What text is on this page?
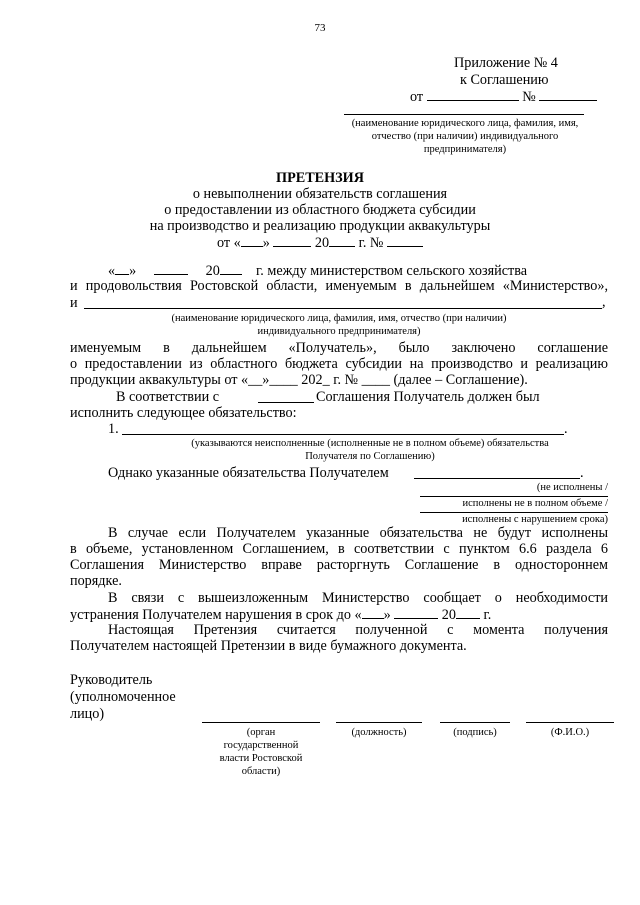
73
Приложение № 4
к Соглашению
от	№
(наименование юридического лица, фамилия, имя,
отчество (при наличии) индивидуального
предпринимателя)
ПРЕТЕНЗИЯ
о невыполнении обязательств соглашения
о предоставлении из областного бюджета субсидии
на производство и реализацию продукции аквакультуры
от « »	20 г. №
« »	20	г. между министерством сельского хозяйства
и продовольствия Ростовской области, именуемым в дальнейшем «Министерство»,
и	,
(наименование юридического лица, фамилия, имя, отчество (при наличии)
индивидуального предпринимателя)
именуемым в дальнейшем «Получатель», было заключено соглашение
о предоставлении из областного бюджета субсидии на производство и реализацию
продукции аквакультуры от «__»____ 202_ г. № ____ (далее – Соглашение).
В соответствии с	Соглашения Получатель должен был
исполнить следующее обязательство:
1.	.
(указываются неисполненные (исполненные не в полном объеме) обязательства
Получателя по Соглашению)
Однако указанные обязательства Получателем	.
(не исполнены /
исполнены не в полном объеме /
исполнены с нарушением срока)
В случае если Получателем указанные обязательства не будут исполнены
в объеме, установленном Соглашением, в соответствии с пунктом 6.6 раздела 6
Соглашения Министерство вправе расторгнуть Соглашение в одностороннем
порядке.
В связи с вышеизложенным Министерство сообщает о необходимости
устранения Получателем нарушения в срок до « »	20 г.
Настоящая Претензия считается полученной с момента получения
Получателем настоящей Претензии в виде бумажного документа.
Руководитель
(уполномоченное
лицо)
(орган
государственной
власти Ростовской
области)
(должность)	(подпись)	(Ф.И.О.)
